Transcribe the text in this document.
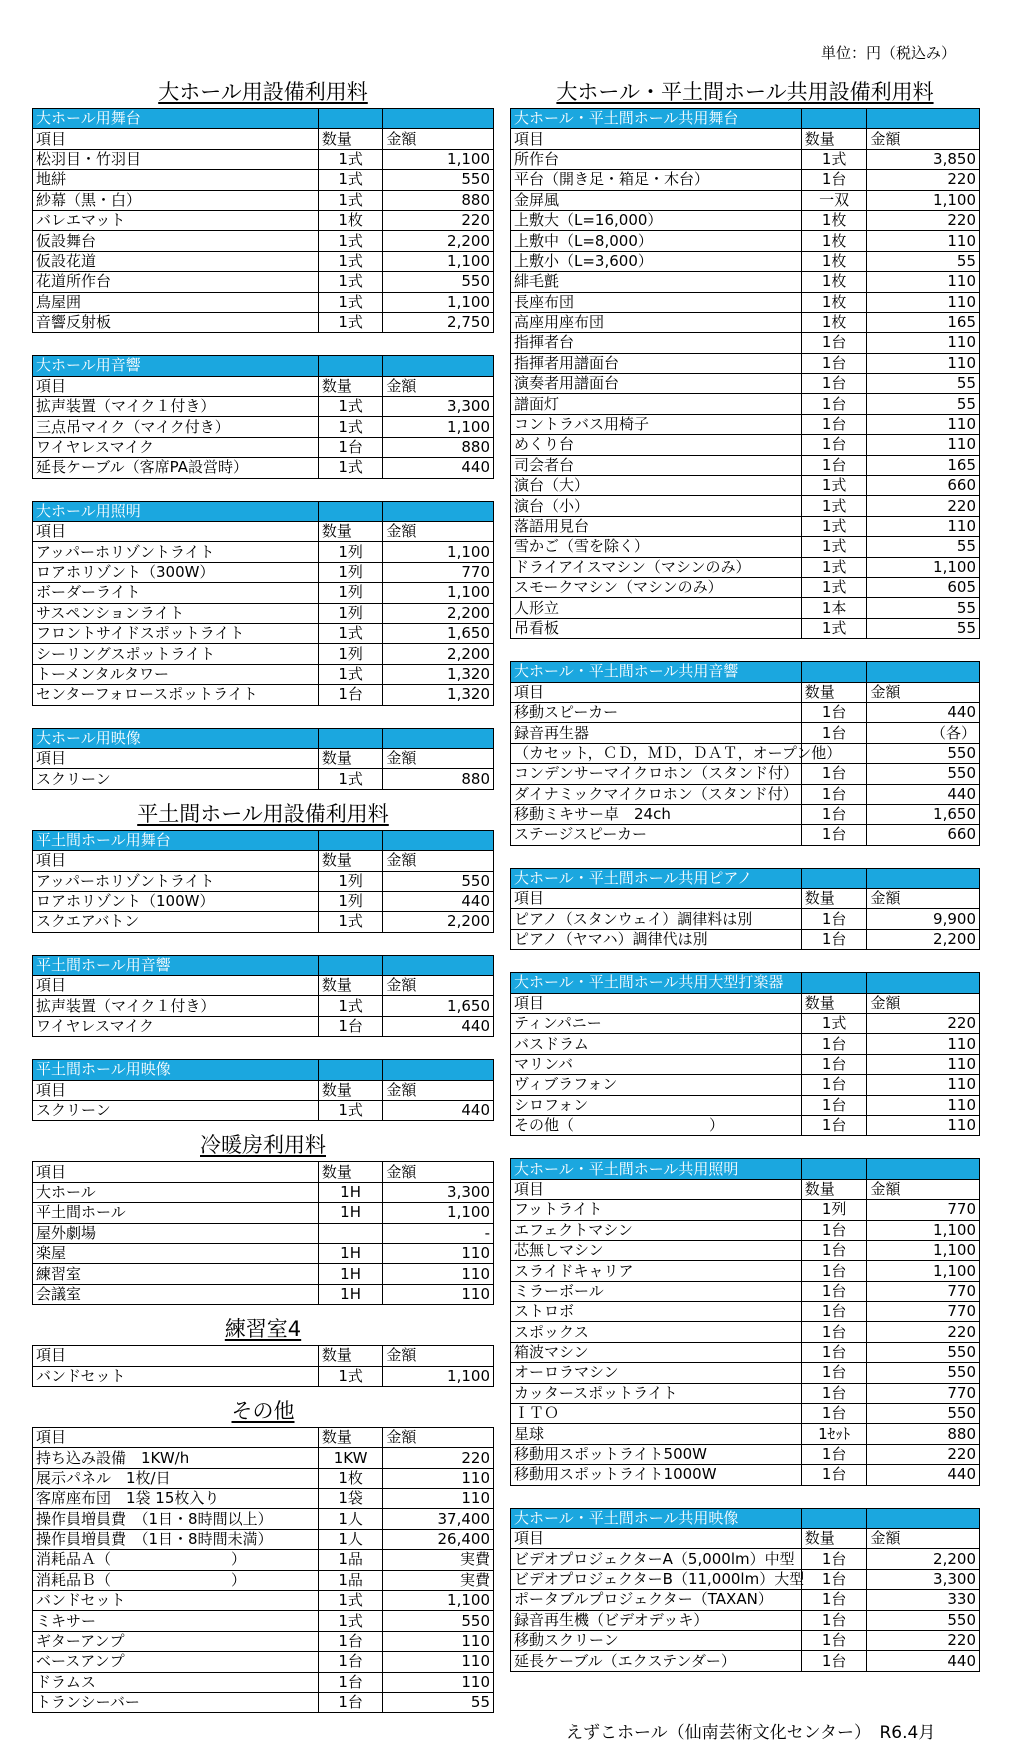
単位：円（税込み）
大ホール用設備利用料
大ホール用舞台		
項目	数量	金額
松羽目・竹羽目	1式	1,100
地絣	1式	550
紗幕（黒・白）	1式	880
バレエマット	1枚	220
仮設舞台	1式	2,200
仮設花道	1式	1,100
花道所作台	1式	550
鳥屋囲	1式	1,100
音響反射板	1式	2,750
大ホール用音響		
項目	数量	金額
拡声装置（マイク１付き）	1式	3,300
三点吊マイク（マイク付き）	1式	1,100
ワイヤレスマイク	1台	880
延長ケーブル（客席PA設営時）	1式	440
大ホール用照明		
項目	数量	金額
アッパーホリゾントライト	1列	1,100
ロアホリゾント（300W）	1列	770
ボーダーライト	1列	1,100
サスペンションライト	1列	2,200
フロントサイドスポットライト	1式	1,650
シーリングスポットライト	1列	2,200
トーメンタルタワー	1式	1,320
センターフォロースポットライト	1台	1,320
大ホール用映像		
項目	数量	金額
スクリーン	1式	880
平土間ホール用設備利用料
平土間ホール用舞台		
項目	数量	金額
アッパーホリゾントライト	1列	550
ロアホリゾント（100W）	1列	440
スクエアバトン	1式	2,200
平土間ホール用音響		
項目	数量	金額
拡声装置（マイク１付き）	1式	1,650
ワイヤレスマイク	1台	440
平土間ホール用映像		
項目	数量	金額
スクリーン	1式	440
冷暖房利用料
項目	数量	金額
大ホール	1H	3,300
平土間ホール	1H	1,100
屋外劇場		-
楽屋	1H	110
練習室	1H	110
会議室	1H	110
練習室4
項目	数量	金額
バンドセット	1式	1,100
その他
項目	数量	金額
持ち込み設備　1KW/h	1KW	220
展示パネル　1枚/日	1枚	110
客席座布団　1袋 15枚入り	1袋	110
操作員増員費　（1日・8時間以上）	1人	37,400
操作員増員費　（1日・8時間未満）	1人	26,400
消耗品Ａ（　　　　　　　　）	1品	実費
消耗品Ｂ（　　　　　　　　）	1品	実費
バンドセット	1式	1,100
ミキサー	1式	550
ギターアンプ	1台	110
ベースアンプ	1台	110
ドラムス	1台	110
トランシーバー	1台	55
大ホール・平土間ホール共用設備利用料
大ホール・平土間ホール共用舞台		
項目	数量	金額
所作台	1式	3,850
平台（開き足・箱足・木台）	1台	220
金屏風	一双	1,100
上敷大（L=16,000）	1枚	220
上敷中（L=8,000）	1枚	110
上敷小（L=3,600）	1枚	55
緋毛氈	1枚	110
長座布団	1枚	110
高座用座布団	1枚	165
指揮者台	1台	110
指揮者用譜面台	1台	110
演奏者用譜面台	1台	55
譜面灯	1台	55
コントラバス用椅子	1台	110
めくり台	1台	110
司会者台	1台	165
演台（大）	1式	660
演台（小）	1式	220
落語用見台	1式	110
雪かご（雪を除く）	1式	55
ドライアイスマシン（マシンのみ）	1式	1,100
スモークマシン（マシンのみ）	1式	605
人形立	1本	55
吊看板	1式	55
大ホール・平土間ホール共用音響		
項目	数量	金額
移動スピーカー	1台	440
録音再生器	1台	（各）
（カセット，ＣＤ，ＭＤ，ＤＡＴ，オープン他）		550
コンデンサーマイクロホン（スタンド付）	1台	550
ダイナミックマイクロホン（スタンド付）	1台	440
移動ミキサー卓　24ch	1台	1,650
ステージスピーカー	1台	660
大ホール・平土間ホール共用ピアノ		
項目	数量	金額
ピアノ（スタンウェイ）調律料は別	1台	9,900
ピアノ（ヤマハ）調律代は別	1台	2,200
大ホール・平土間ホール共用大型打楽器		
項目	数量	金額
ティンパニー	1式	220
バスドラム	1台	110
マリンバ	1台	110
ヴィブラフォン	1台	110
シロフォン	1台	110
その他（　　　　　　　　　）	1台	110
大ホール・平土間ホール共用照明		
項目	数量	金額
フットライト	1列	770
エフェクトマシン	1台	1,100
芯無しマシン	1台	1,100
スライドキャリア	1台	1,100
ミラーボール	1台	770
ストロボ	1台	770
スポックス	1台	220
箱波マシン	1台	550
オーロラマシン	1台	550
カッタースポットライト	1台	770
ＩＴＯ	1台	550
星球	1ｾｯﾄ	880
移動用スポットライト500W	1台	220
移動用スポットライト1000W	1台	440
大ホール・平土間ホール共用映像		
項目	数量	金額
ビデオプロジェクターA（5,000lm）中型	1台	2,200
ビデオプロジェクターB（11,000lm）大型	1台	3,300
ポータブルプロジェクター（TAXAN）	1台	330
録音再生機（ビデオデッキ）	1台	550
移動スクリーン	1台	220
延長ケーブル（エクステンダー）	1台	440
えずこホール（仙南芸術文化センター）　R6.4月
